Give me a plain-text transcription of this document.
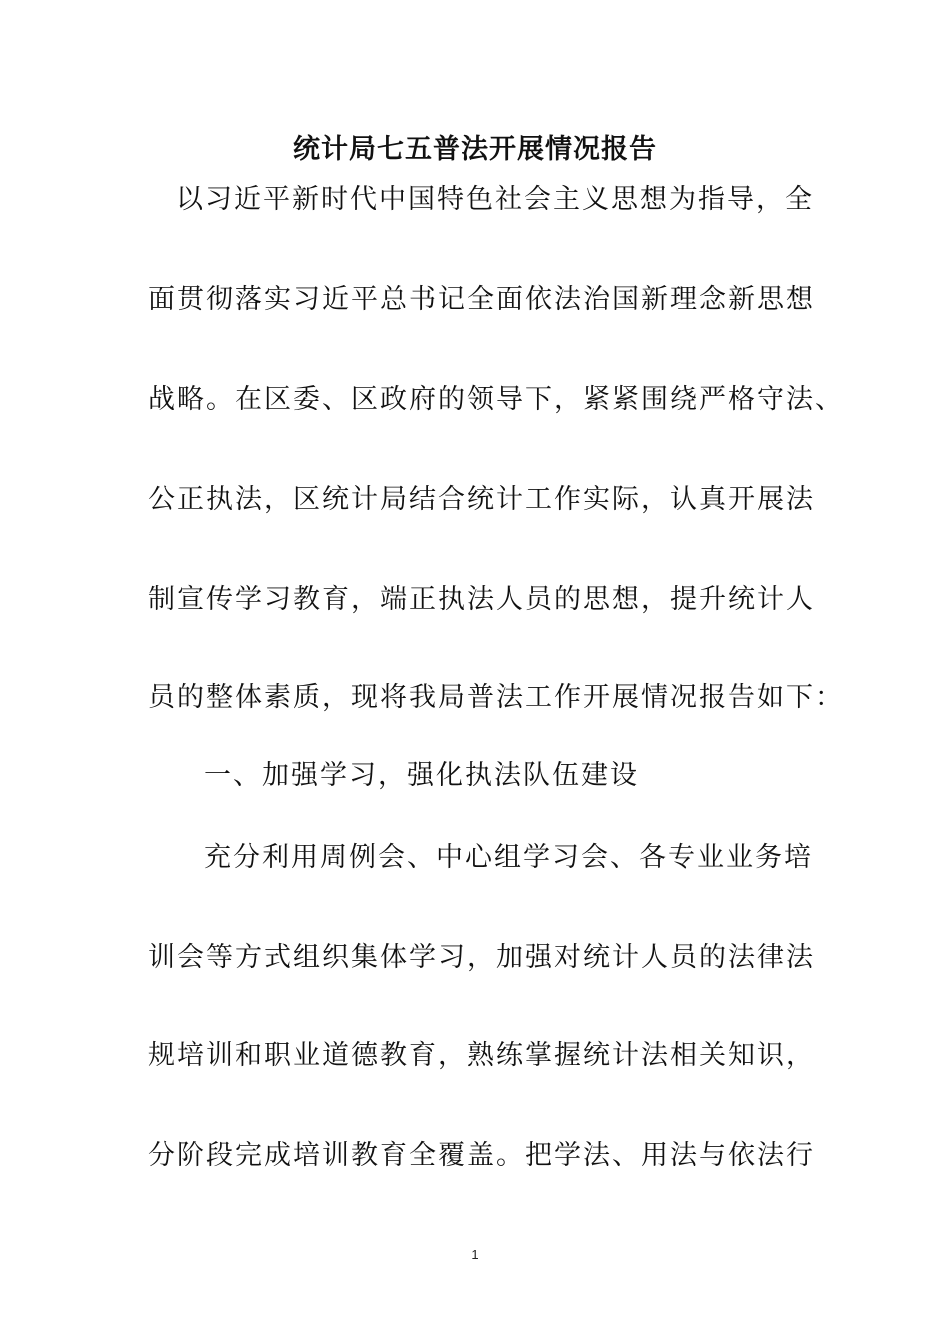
统计局七五普法开展情况报告
以习近平新时代中国特色社会主义思想为指导，全
面贯彻落实习近平总书记全面依法治国新理念新思想
战略。在区委、区政府的领导下，紧紧围绕严格守法、
公正执法，区统计局结合统计工作实际，认真开展法
制宣传学习教育，端正执法人员的思想，提升统计人
员的整体素质，现将我局普法工作开展情况报告如下：
一、加强学习，强化执法队伍建设
充分利用周例会、中心组学习会、各专业业务培
训会等方式组织集体学习，加强对统计人员的法律法
规培训和职业道德教育，熟练掌握统计法相关知识，
分阶段完成培训教育全覆盖。把学法、用法与依法行
1
